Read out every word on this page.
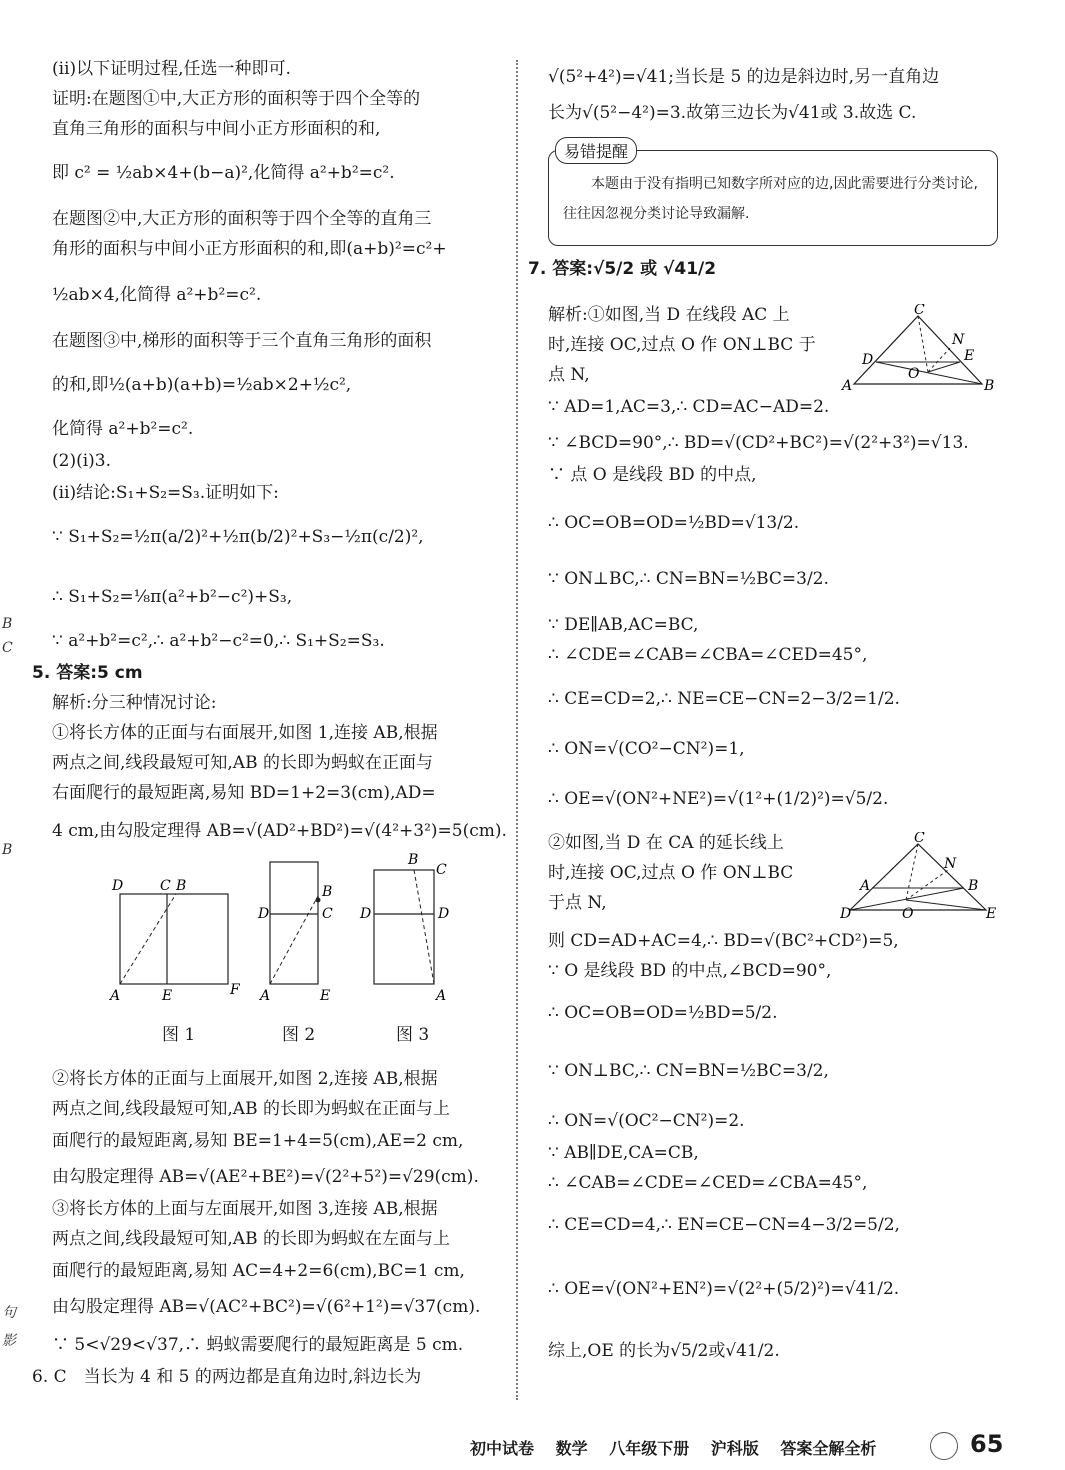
(ⅱ)以下证明过程,任选一种即可.
证明:在题图①中,大正方形的面积等于四个全等的
直角三角形的面积与中间小正方形面积的和,
即 c² = ½ab×4+(b−a)²,化简得 a²+b²=c².
在题图②中,大正方形的面积等于四个全等的直角三
角形的面积与中间小正方形面积的和,即(a+b)²=c²+
½ab×4,化简得 a²+b²=c².
在题图③中,梯形的面积等于三个直角三角形的面积
的和,即½(a+b)(a+b)=½ab×2+½c²,
化简得 a²+b²=c².
(2)(ⅰ)3.
(ⅱ)结论:S₁+S₂=S₃.证明如下:
∵ S₁+S₂=½π(a/2)²+½π(b/2)²+S₃−½π(c/2)²,
∴ S₁+S₂=⅛π(a²+b²−c²)+S₃,
∵ a²+b²=c²,∴ a²+b²−c²=0,∴ S₁+S₂=S₃.
5. 答案:5 cm
解析:分三种情况讨论:
①将长方体的正面与右面展开,如图 1,连接 AB,根据
两点之间,线段最短可知,AB 的长即为蚂蚁在正面与
右面爬行的最短距离,易知 BD=1+2=3(cm),AD=
4 cm,由勾股定理得 AB=√(AD²+BD²)=√(4²+3²)=5(cm).
D	C B
A	E	F
B
D	C
A	E
B
C
D	D
A
图 1	图 2	图 3
②将长方体的正面与上面展开,如图 2,连接 AB,根据
两点之间,线段最短可知,AB 的长即为蚂蚁在正面与上
面爬行的最短距离,易知 BE=1+4=5(cm),AE=2 cm,
由勾股定理得 AB=√(AE²+BE²)=√(2²+5²)=√29(cm).
③将长方体的上面与左面展开,如图 3,连接 AB,根据
两点之间,线段最短可知,AB 的长即为蚂蚁在左面与上
面爬行的最短距离,易知 AC=4+2=6(cm),BC=1 cm,
由勾股定理得 AB=√(AC²+BC²)=√(6²+1²)=√37(cm).
∵ 5<√29<√37,∴ 蚂蚁需要爬行的最短距离是 5 cm.
6. C　当长为 4 和 5 的两边都是直角边时,斜边长为
√(5²+4²)=√41;当长是 5 的边是斜边时,另一直角边
长为√(5²−4²)=3.故第三边长为√41或 3.故选 C.
易错提醒
本题由于没有指明已知数字所对应的边,因此需要进行分类讨论,往往因忽视分类讨论导致漏解.
7. 答案:√5/2 或 √41/2
解析:①如图,当 D 在线段 AC 上
时,连接 OC,过点 O 作 ON⊥BC 于
点 N,
∵ AD=1,AC=3,∴ CD=AC−AD=2.
∵ ∠BCD=90°,∴ BD=√(CD²+BC²)=√(2²+3²)=√13.
∵ 点 O 是线段 BD 的中点,
∴ OC=OB=OD=½BD=√13/2.
∵ ON⊥BC,∴ CN=BN=½BC=3/2.
∵ DE∥AB,AC=BC,
∴ ∠CDE=∠CAB=∠CBA=∠CED=45°,
∴ CE=CD=2,∴ NE=CE−CN=2−3/2=1/2.
∴ ON=√(CO²−CN²)=1,
∴ OE=√(ON²+NE²)=√(1²+(1/2)²)=√5/2.
②如图,当 D 在 CA 的延长线上
时,连接 OC,过点 O 作 ON⊥BC
于点 N,
则 CD=AD+AC=4,∴ BD=√(BC²+CD²)=5,
∵ O 是线段 BD 的中点,∠BCD=90°,
∴ OC=OB=OD=½BD=5/2.
∵ ON⊥BC,∴ CN=BN=½BC=3/2,
∴ ON=√(OC²−CN²)=2.
∵ AB∥DE,CA=CB,
∴ ∠CAB=∠CDE=∠CED=∠CBA=45°,
∴ CE=CD=4,∴ EN=CE−CN=4−3/2=5/2,
∴ OE=√(ON²+EN²)=√(2²+(5/2)²)=√41/2.
综上,OE 的长为√5/2或√41/2.
C
N
D	E
O
A	B
C
N
A	B
D	O	E
B
C
B
句
影
初中试卷 数学 八年级下册 沪科版 答案全解全析	65
